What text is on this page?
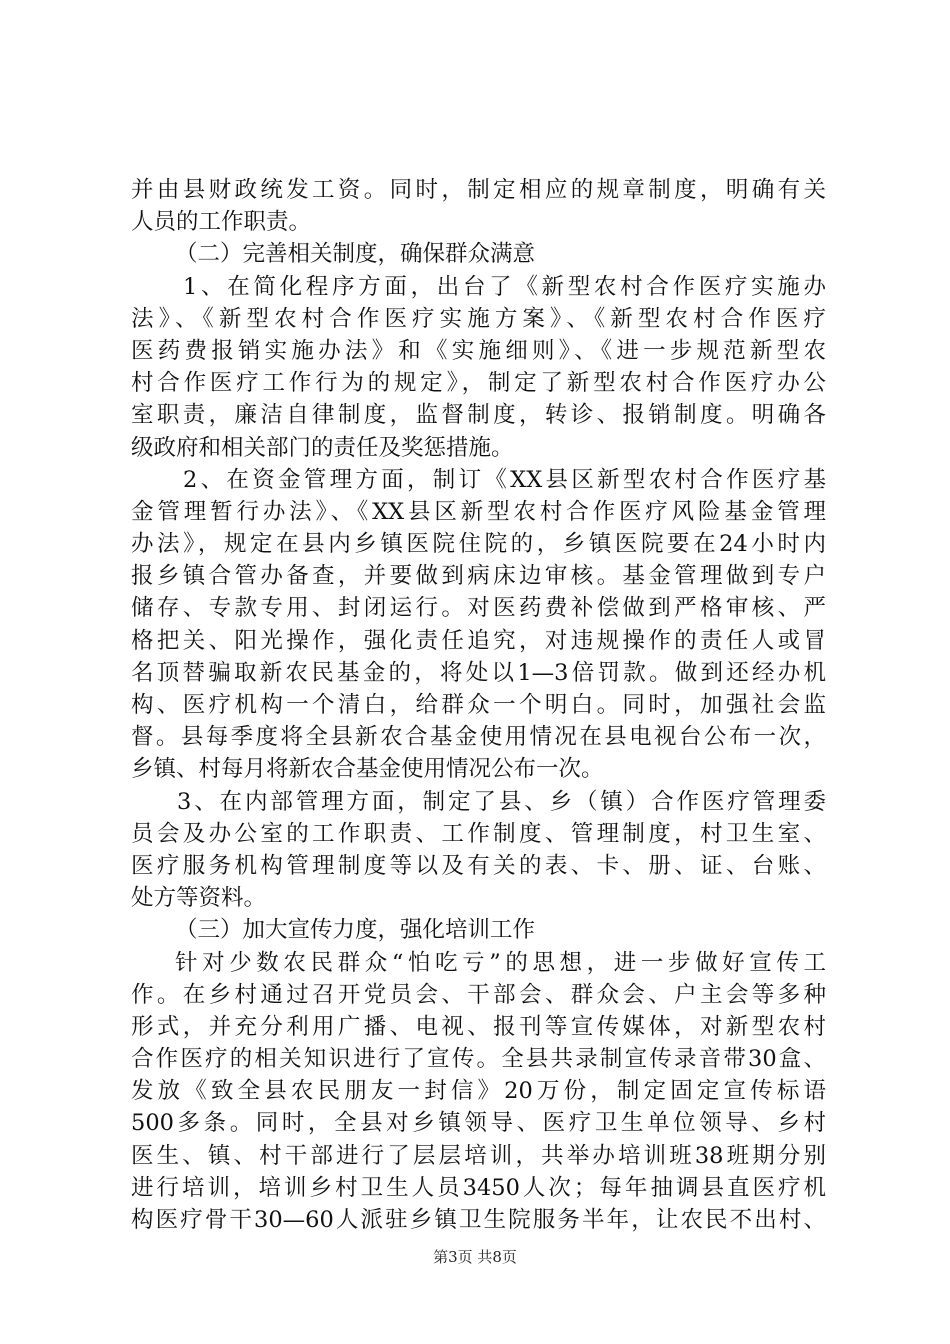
并由县财政统发工资。同时，制定相应的规章制度，明确有关
人员的工作职责。
（二）完善相关制度，确保群众满意
1、在简化程序方面，出台了《新型农村合作医疗实施办
法》、《新型农村合作医疗实施方案》、《新型农村合作医疗
医药费报销实施办法》和《实施细则》、《进一步规范新型农
村合作医疗工作行为的规定》，制定了新型农村合作医疗办公
室职责，廉洁自律制度，监督制度，转诊、报销制度。明确各
级政府和相关部门的责任及奖惩措施。
2、在资金管理方面，制订《XX县区新型农村合作医疗基
金管理暂行办法》、《XX县区新型农村合作医疗风险基金管理
办法》，规定在县内乡镇医院住院的，乡镇医院要在24小时内
报乡镇合管办备查，并要做到病床边审核。基金管理做到专户
储存、专款专用、封闭运行。对医药费补偿做到严格审核、严
格把关、阳光操作，强化责任追究，对违规操作的责任人或冒
名顶替骗取新农民基金的，将处以1—3倍罚款。做到还经办机
构、医疗机构一个清白，给群众一个明白。同时，加强社会监
督。县每季度将全县新农合基金使用情况在县电视台公布一次，
乡镇、村每月将新农合基金使用情况公布一次。
3、在内部管理方面，制定了县、乡（镇）合作医疗管理委
员会及办公室的工作职责、工作制度、管理制度，村卫生室、
医疗服务机构管理制度等以及有关的表、卡、册、证、台账、
处方等资料。
（三）加大宣传力度，强化培训工作
针对少数农民群众“怕吃亏”的思想，进一步做好宣传工
作。在乡村通过召开党员会、干部会、群众会、户主会等多种
形式，并充分利用广播、电视、报刊等宣传媒体，对新型农村
合作医疗的相关知识进行了宣传。全县共录制宣传录音带30盒、
发放《致全县农民朋友一封信》20万份，制定固定宣传标语
500多条。同时，全县对乡镇领导、医疗卫生单位领导、乡村
医生、镇、村干部进行了层层培训，共举办培训班38班期分别
进行培训，培训乡村卫生人员3450人次；每年抽调县直医疗机
构医疗骨干30—60人派驻乡镇卫生院服务半年，让农民不出村、
第3页 共8页
